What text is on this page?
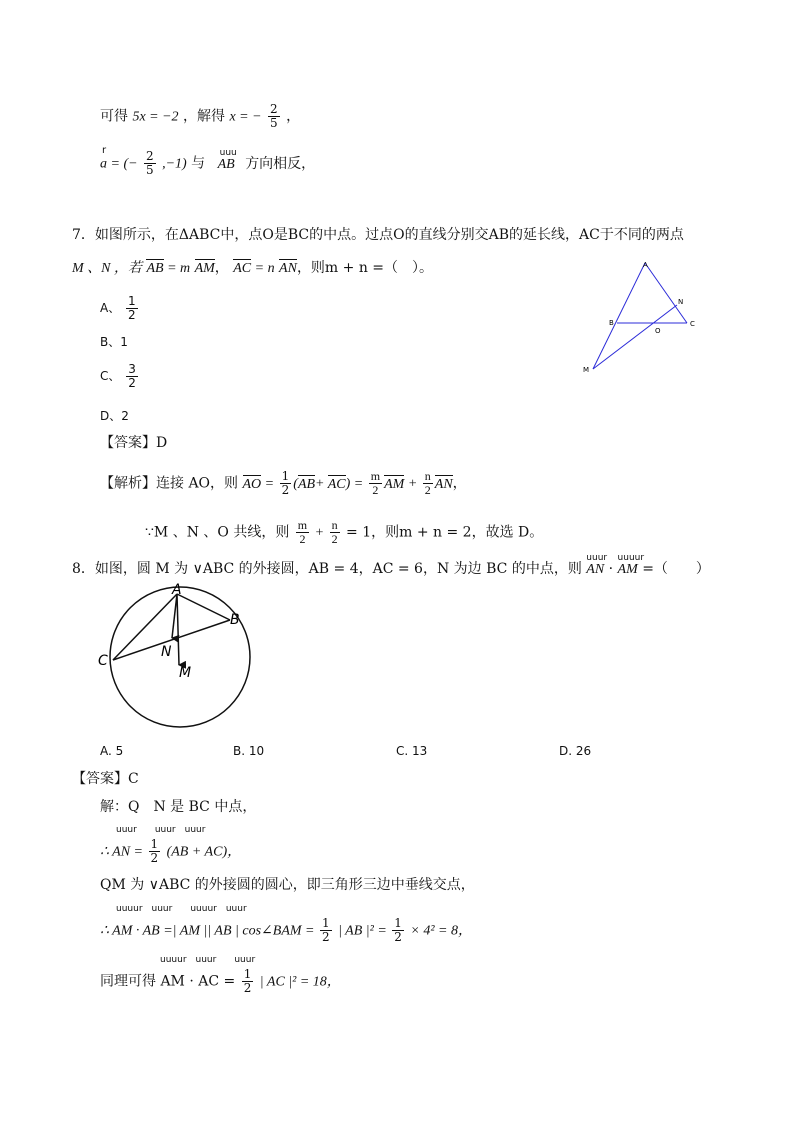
可得 5x = −2 ，解得 x = − $\frac{2}{5}$ ，
r
a = (− $\frac{2}{5} ,-1$) 与
uuu
AB 方向相反，
7．如图所示，在ΔABC中，点O是BC的中点。过点O的直线分别交AB的延长线，AC于不同的两点
M 、N ，若 AB = m AM， AC = n AN，则m + n =（　）。
A、 $\frac{1}{2}$
B、1
C、 $\frac{3}{2}$
D、2
【答案】D
【解析】连接 AO，则 AO = $\frac{1}{2} (AB+ AC) = \frac{m}{2}$ AM + $\frac{n}{2}$ AN，
∵M 、N 、O 共线，则 $\frac{m}{2} + \frac{n}{2} = 1$，则m + n = 2，故选 D。
A
B	C
N
O
M
8．如图，圆 M 为 ∨ABC 的外接圆，AB = 4，AC = 6，N 为边 BC 的中点，则
uuur
AN ·
uuuur
AM =（　　）
A
B
C
N
M
A. 5	B. 10	C. 13	D. 26
【答案】C
解：Q　N 是 BC 中点，
uuur　　uuur　uuur
∴ AN = $\frac{1}{2} (AB + AC)$，
QM 为 ∨ABC 的外接圆的圆心，即三角形三边中垂线交点，
uuuur　uuur　　uuuur　uuur
∴ AM · AB =| AM || AB | cos∠BAM = $\frac{1}{2}$ | AB $|^2 = \frac{1}{2} \times 4^2 = 8$，
uuuur　uuur　　uuur
同理可得 AM · AC = $\frac{1}{2}$ | AC |² = 18，
